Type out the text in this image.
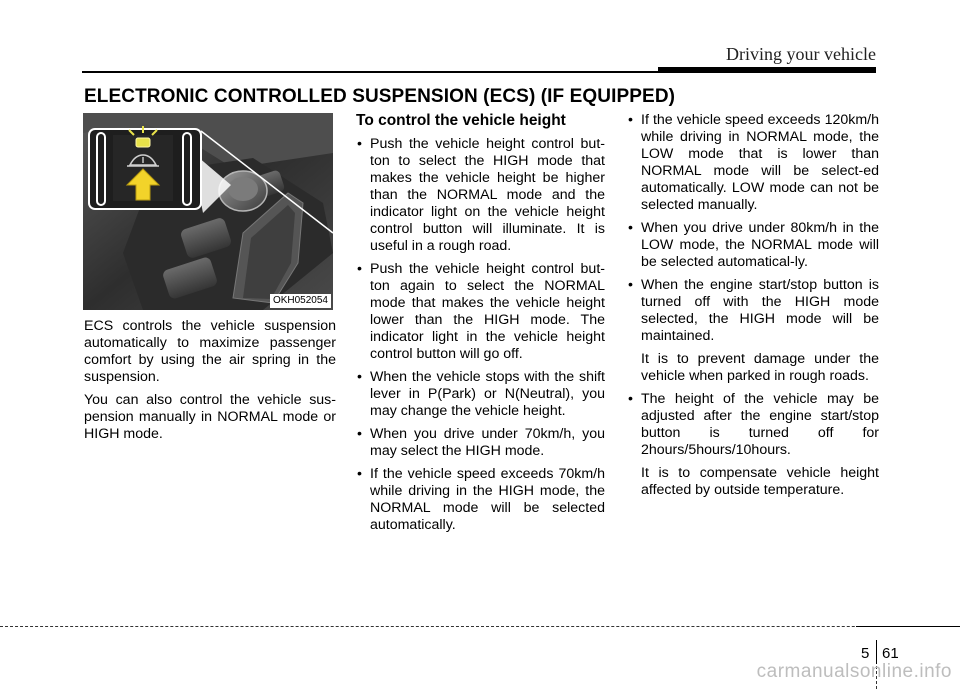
Driving your vehicle
ELECTRONIC CONTROLLED SUSPENSION (ECS) (IF EQUIPPED)
OKH052054

ECS controls the vehicle suspension automatically to maximize passenger comfort by using the air spring in the suspension.

You can also control the vehicle sus-pension manually in NORMAL mode or HIGH mode.

To control the vehicle height
• Push the vehicle height control but-ton to select the HIGH mode that makes the vehicle height be higher than the NORMAL mode and the indicator light on the vehicle height control button will illuminate. It is useful in a rough road.
• Push the vehicle height control but-ton again to select the NORMAL mode that makes the vehicle height lower than the HIGH mode. The indicator light in the vehicle height control button will go off.
• When the vehicle stops with the shift lever in P(Park) or N(Neutral), you may change the vehicle height.
• When you drive under 70km/h, you may select the HIGH mode.
• If the vehicle speed exceeds 70km/h while driving in the HIGH mode, the NORMAL mode will be selected automatically.
• If the vehicle speed exceeds 120km/h while driving in NORMAL mode, the LOW mode that is lower than NORMAL mode will be select-ed automatically. LOW mode can not be selected manually.
• When you drive under 80km/h in the LOW mode, the NORMAL mode will be selected automatical-ly.
• When the engine start/stop button is turned off with the HIGH mode selected, the HIGH mode will be maintained.

It is to prevent damage under the vehicle when parked in rough roads.

• The height of the vehicle may be adjusted after the engine start/stop button is turned off for 2hours/5hours/10hours.

It is to compensate vehicle height affected by outside temperature.

5 61
carmanualsonline.info
